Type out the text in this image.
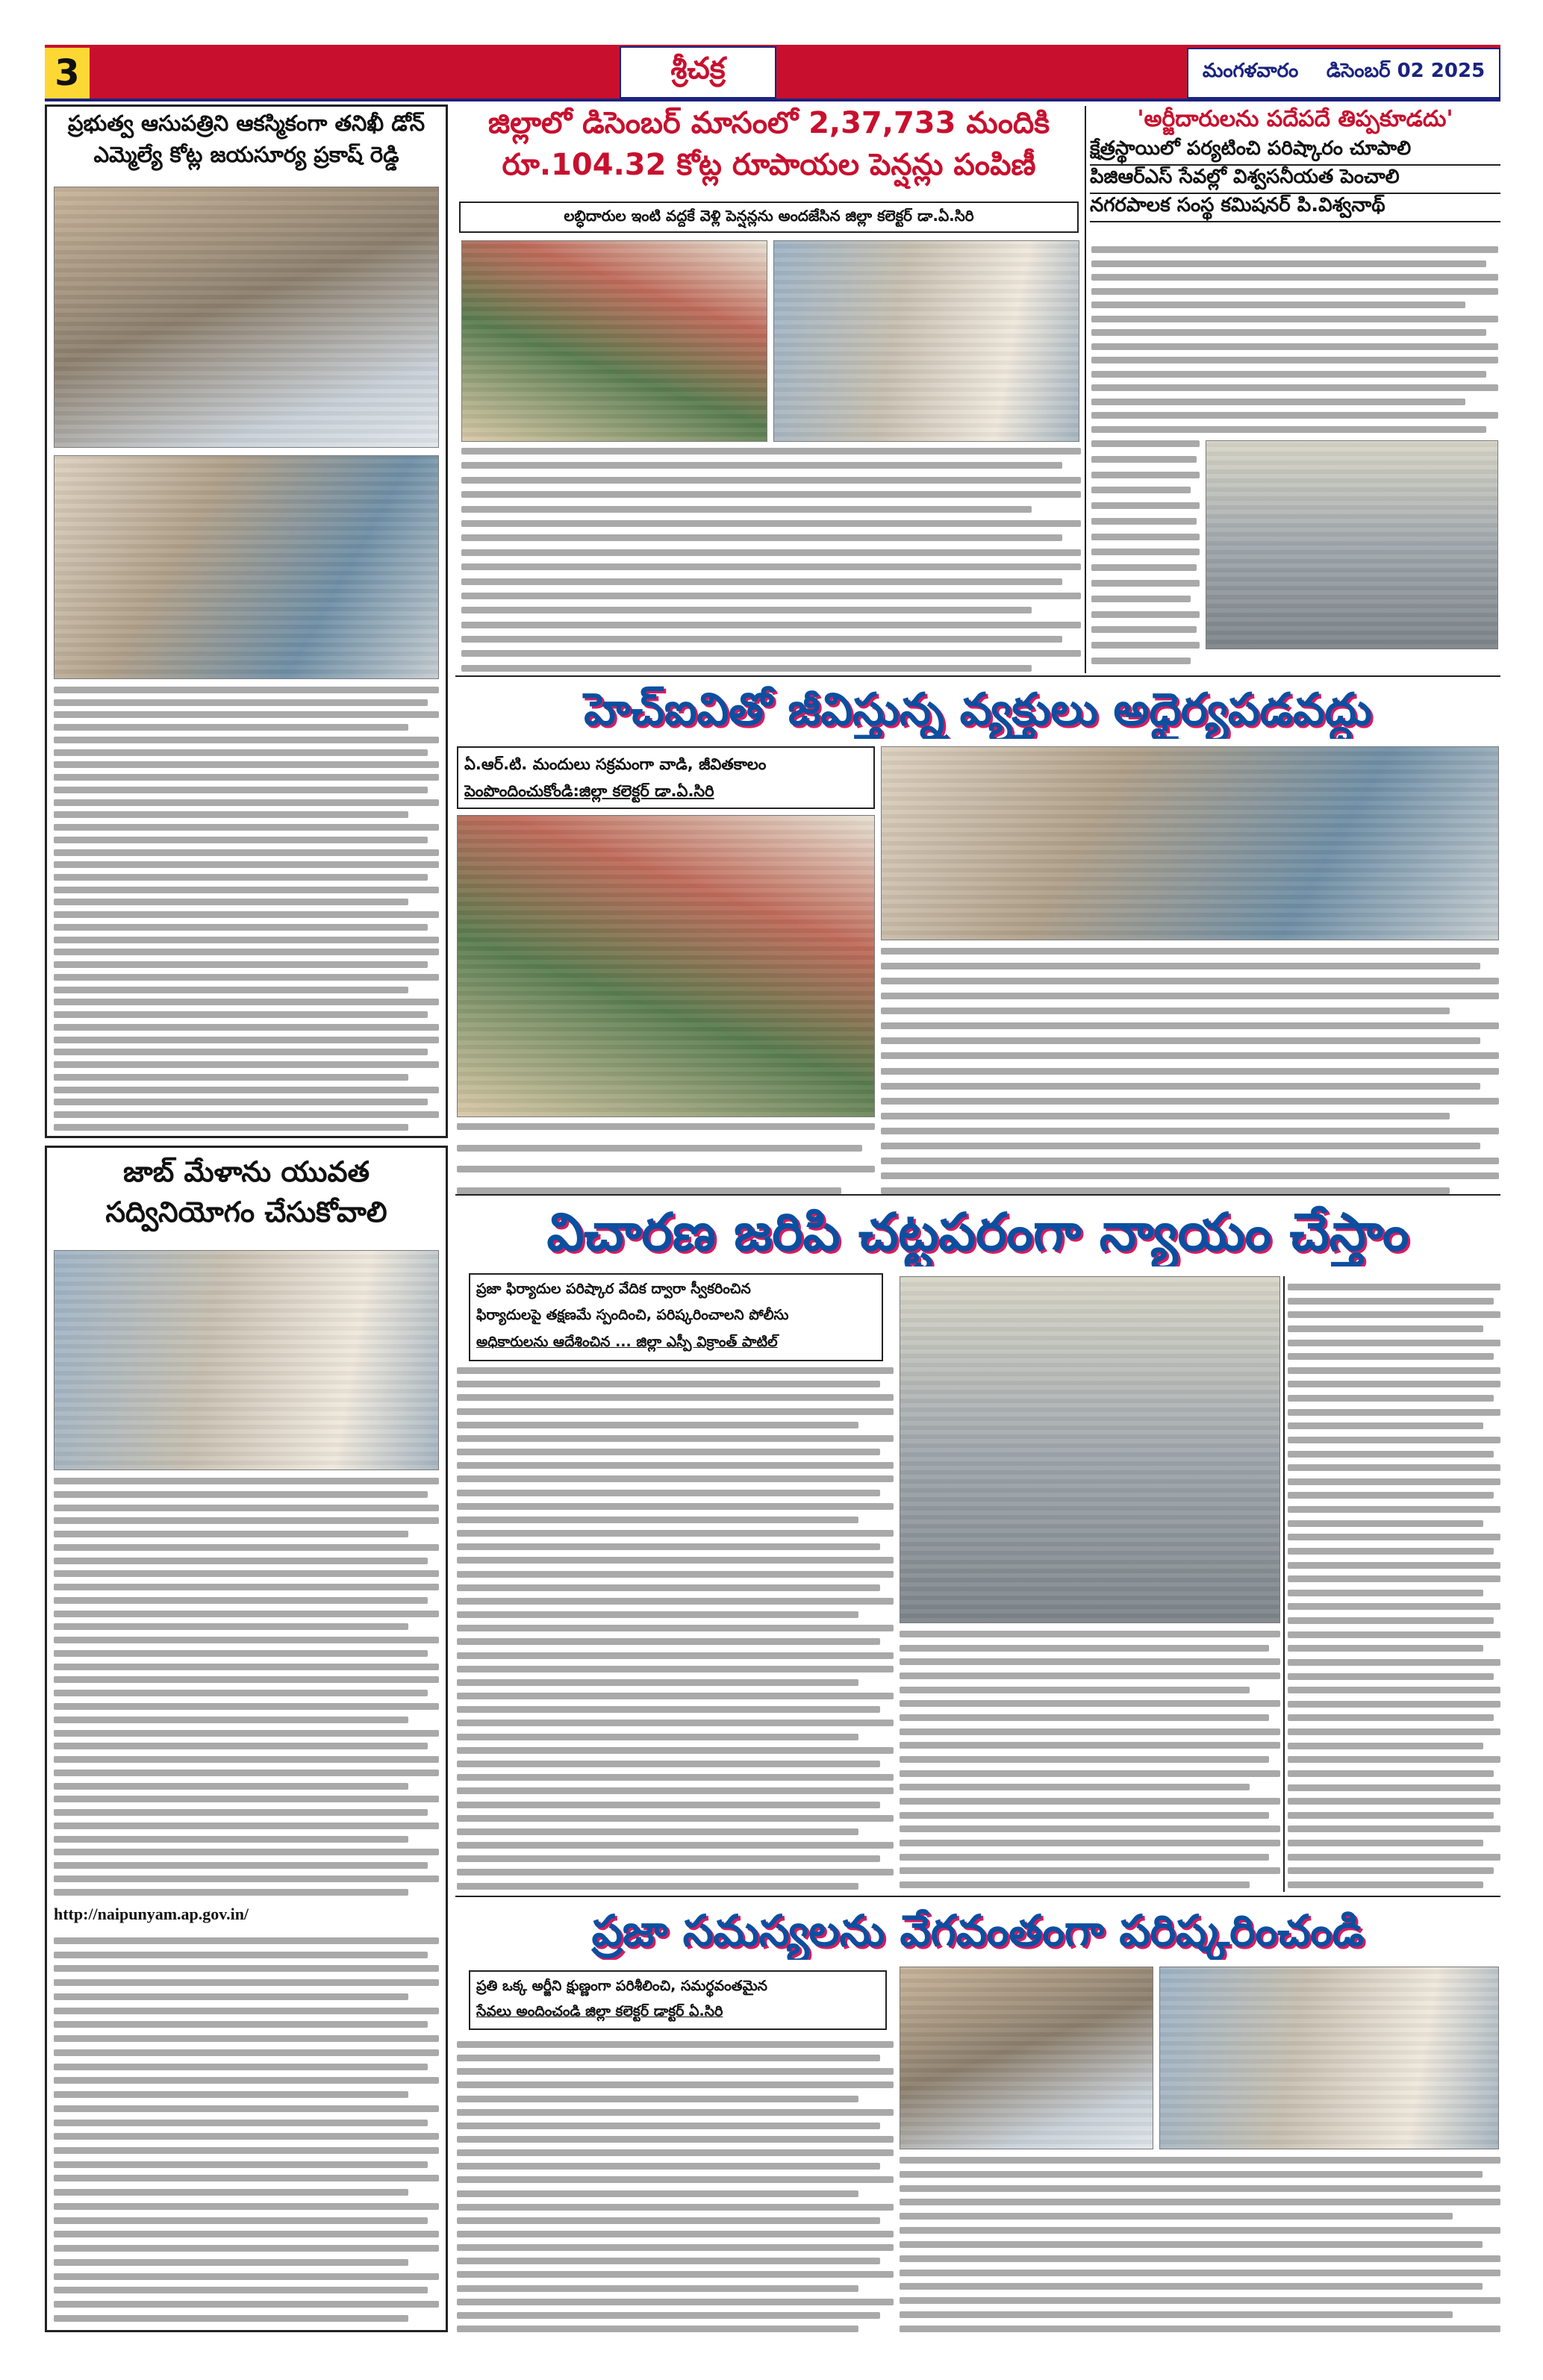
3	శ్రీచక్ర	మంగళవారం డిసెంబర్ 02 2025
ప్రభుత్వ ఆసుపత్రిని ఆకస్మికంగా తనిఖీ డోన్
ఎమ్మెల్యే కోట్ల జయసూర్య ప్రకాష్ రెడ్డి
జిల్లాలో డిసెంబర్ మాసంలో 2,37,733 మందికి
రూ.104.32 కోట్ల రూపాయల పెన్షన్లు పంపిణీ
లబ్ధిదారుల ఇంటి వద్దకే వెళ్లి పెన్షన్లను అందజేసిన జిల్లా కలెక్టర్ డా.ఏ.సిరి
'అర్జీదారులను పదేపదే తిప్పకూడదు'
క్షేత్రస్థాయిలో పర్యటించి పరిష్కారం చూపాలి
పిజిఆర్ఎస్ సేవల్లో విశ్వసనీయత పెంచాలి
నగరపాలక సంస్థ కమిషనర్ పి.విశ్వనాథ్
హెచ్ఐవితో జీవిస్తున్న వ్యక్తులు అధైర్యపడవద్దు
ఏ.ఆర్.టి. మందులు సక్రమంగా వాడి, జీవితకాలం
పెంపొందించుకోండి:జిల్లా కలెక్టర్ డా.ఏ.సిరి
జాబ్ మేళాను యువత
సద్వినియోగం చేసుకోవాలి
http://naipunyam.ap.gov.in/
విచారణ జరిపి చట్టపరంగా న్యాయం చేస్తాం
ప్రజా ఫిర్యాదుల పరిష్కార వేదిక ద్వారా స్వీకరించిన
ఫిర్యాదులపై తక్షణమే స్పందించి, పరిష్కరించాలని పోలీసు
అధికారులను ఆదేశించిన ... జిల్లా ఎస్పీ విక్రాంత్ పాటిల్
ప్రజా సమస్యలను వేగవంతంగా పరిష్కరించండి
ప్రతి ఒక్క అర్జీని క్షుణ్ణంగా పరిశీలించి, సమర్థవంతమైన
సేవలు అందించండి జిల్లా కలెక్టర్ డాక్టర్ ఏ.సిరి
